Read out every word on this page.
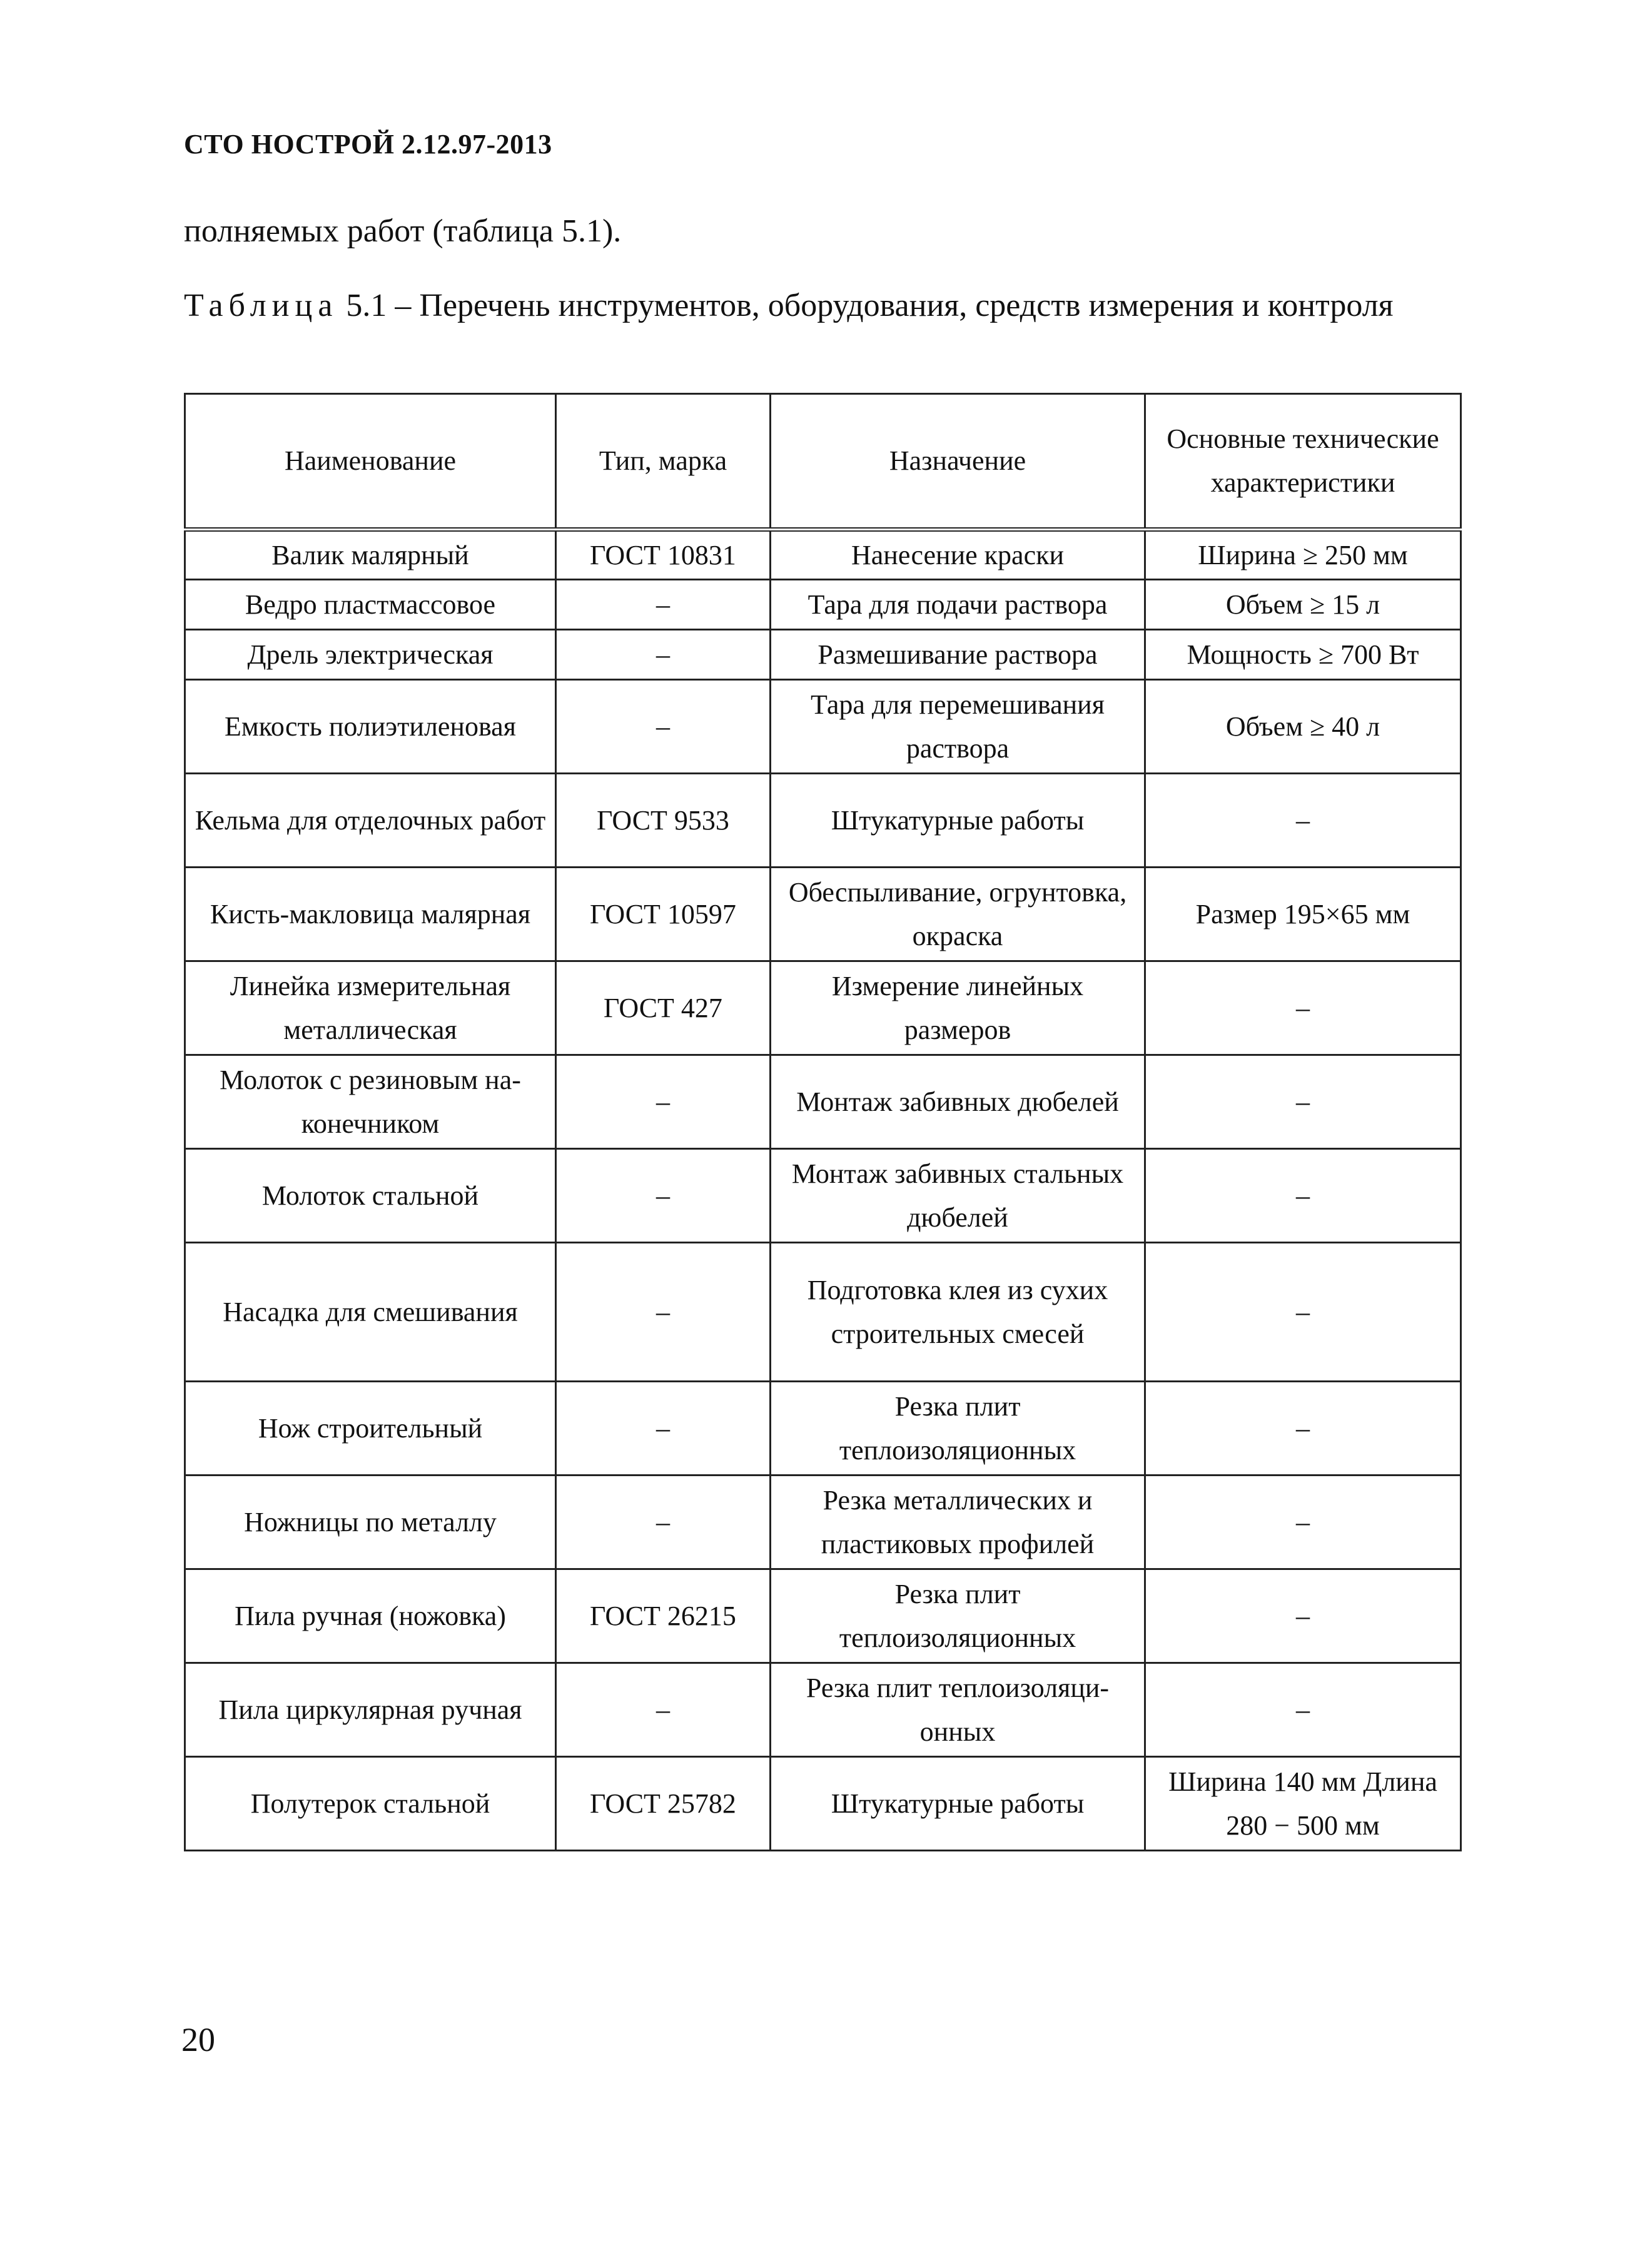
СТО НОСТРОЙ 2.12.97-2013
полняемых работ (таблица 5.1).
Таблица 5.1 – Перечень инструментов, оборудования, средств измерения и контроля
Наименование	Тип, марка	Назначение	Основные технические характеристики
Валик малярный	ГОСТ 10831	Нанесение краски	Ширина ≥ 250 мм
Ведро пластмассовое	–	Тара для подачи раствора	Объем ≥ 15 л
Дрель электрическая	–	Размешивание раствора	Мощность ≥ 700 Вт
Емкость полиэтиленовая	–	Тара для перемешивания раствора	Объем ≥ 40 л
Кельма для отделочных работ	ГОСТ 9533	Штукатурные работы	–
Кисть-макловица малярная	ГОСТ 10597	Обеспыливание, огрунтовка, окраска	Размер 195×65 мм
Линейка измерительная металлическая	ГОСТ 427	Измерение линейных размеров	–
Молоток с резиновым на-конечником	–	Монтаж забивных дюбелей	–
Молоток стальной	–	Монтаж забивных стальных дюбелей	–
Насадка для смешивания	–	Подготовка клея из сухих строительных смесей	–
Нож строительный	–	Резка плит теплоизоляционных	–
Ножницы по металлу	–	Резка металлических и пластиковых профилей	–
Пила ручная (ножовка)	ГОСТ 26215	Резка плит теплоизоляционных	–
Пила циркулярная ручная	–	Резка плит теплоизоляци-онных	–
Полутерок стальной	ГОСТ 25782	Штукатурные работы	Ширина 140 мм Длина 280 − 500 мм
20
